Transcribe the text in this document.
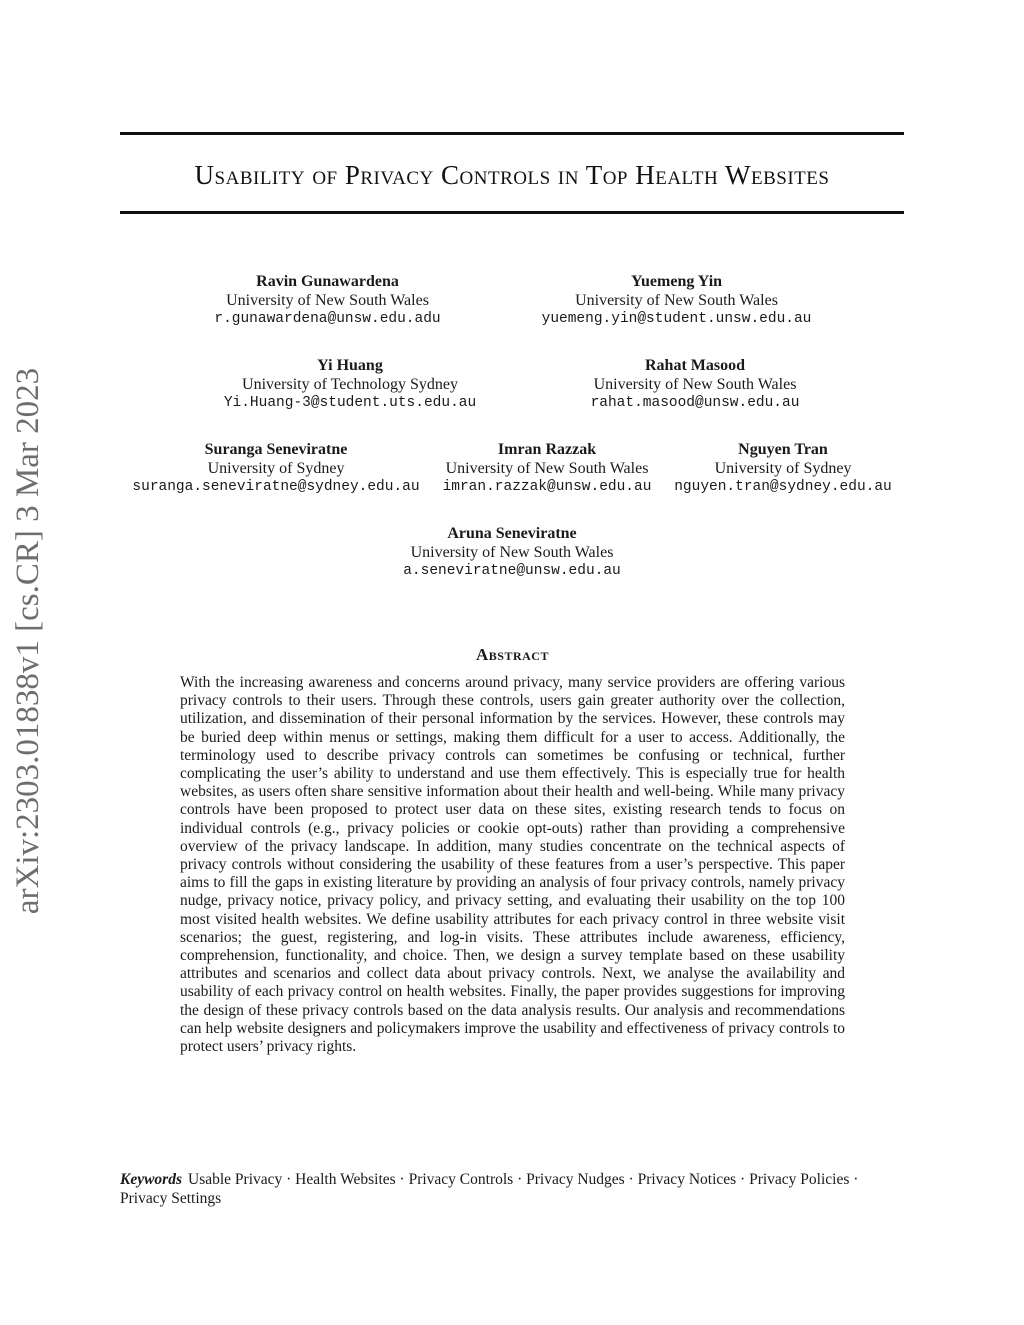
arXiv:2303.01838v1 [cs.CR] 3 Mar 2023
Usability of Privacy Controls in Top Health Websites
Ravin Gunawardena
University of New South Wales
r.gunawardena@unsw.edu.adu
Yuemeng Yin
University of New South Wales
yuemeng.yin@student.unsw.edu.au
Yi Huang
University of Technology Sydney
Yi.Huang-3@student.uts.edu.au
Rahat Masood
University of New South Wales
rahat.masood@unsw.edu.au
Suranga Seneviratne
University of Sydney
suranga.seneviratne@sydney.edu.au
Imran Razzak
University of New South Wales
imran.razzak@unsw.edu.au
Nguyen Tran
University of Sydney
nguyen.tran@sydney.edu.au
Aruna Seneviratne
University of New South Wales
a.seneviratne@unsw.edu.au
Abstract
With the increasing awareness and concerns around privacy, many service providers are offering various privacy controls to their users. Through these controls, users gain greater authority over the collection, utilization, and dissemination of their personal information by the services. However, these controls may be buried deep within menus or settings, making them difficult for a user to access. Additionally, the terminology used to describe privacy controls can sometimes be confusing or technical, further complicating the user’s ability to understand and use them effectively. This is especially true for health websites, as users often share sensitive information about their health and well-being. While many privacy controls have been proposed to protect user data on these sites, existing research tends to focus on individual controls (e.g., privacy policies or cookie opt-outs) rather than providing a comprehensive overview of the privacy landscape. In addition, many studies concentrate on the technical aspects of privacy controls without considering the usability of these features from a user’s perspective. This paper aims to fill the gaps in existing literature by providing an analysis of four privacy controls, namely privacy nudge, privacy notice, privacy policy, and privacy setting, and evaluating their usability on the top 100 most visited health websites. We define usability attributes for each privacy control in three website visit scenarios; the guest, registering, and log-in visits. These attributes include awareness, efficiency, comprehension, functionality, and choice. Then, we design a survey template based on these usability attributes and scenarios and collect data about privacy controls. Next, we analyse the availability and usability of each privacy control on health websites. Finally, the paper provides suggestions for improving the design of these privacy controls based on the data analysis results. Our analysis and recommendations can help website designers and policymakers improve the usability and effectiveness of privacy controls to protect users’ privacy rights.
Keywords Usable Privacy · Health Websites · Privacy Controls · Privacy Nudges · Privacy Notices · Privacy Policies · Privacy Settings
